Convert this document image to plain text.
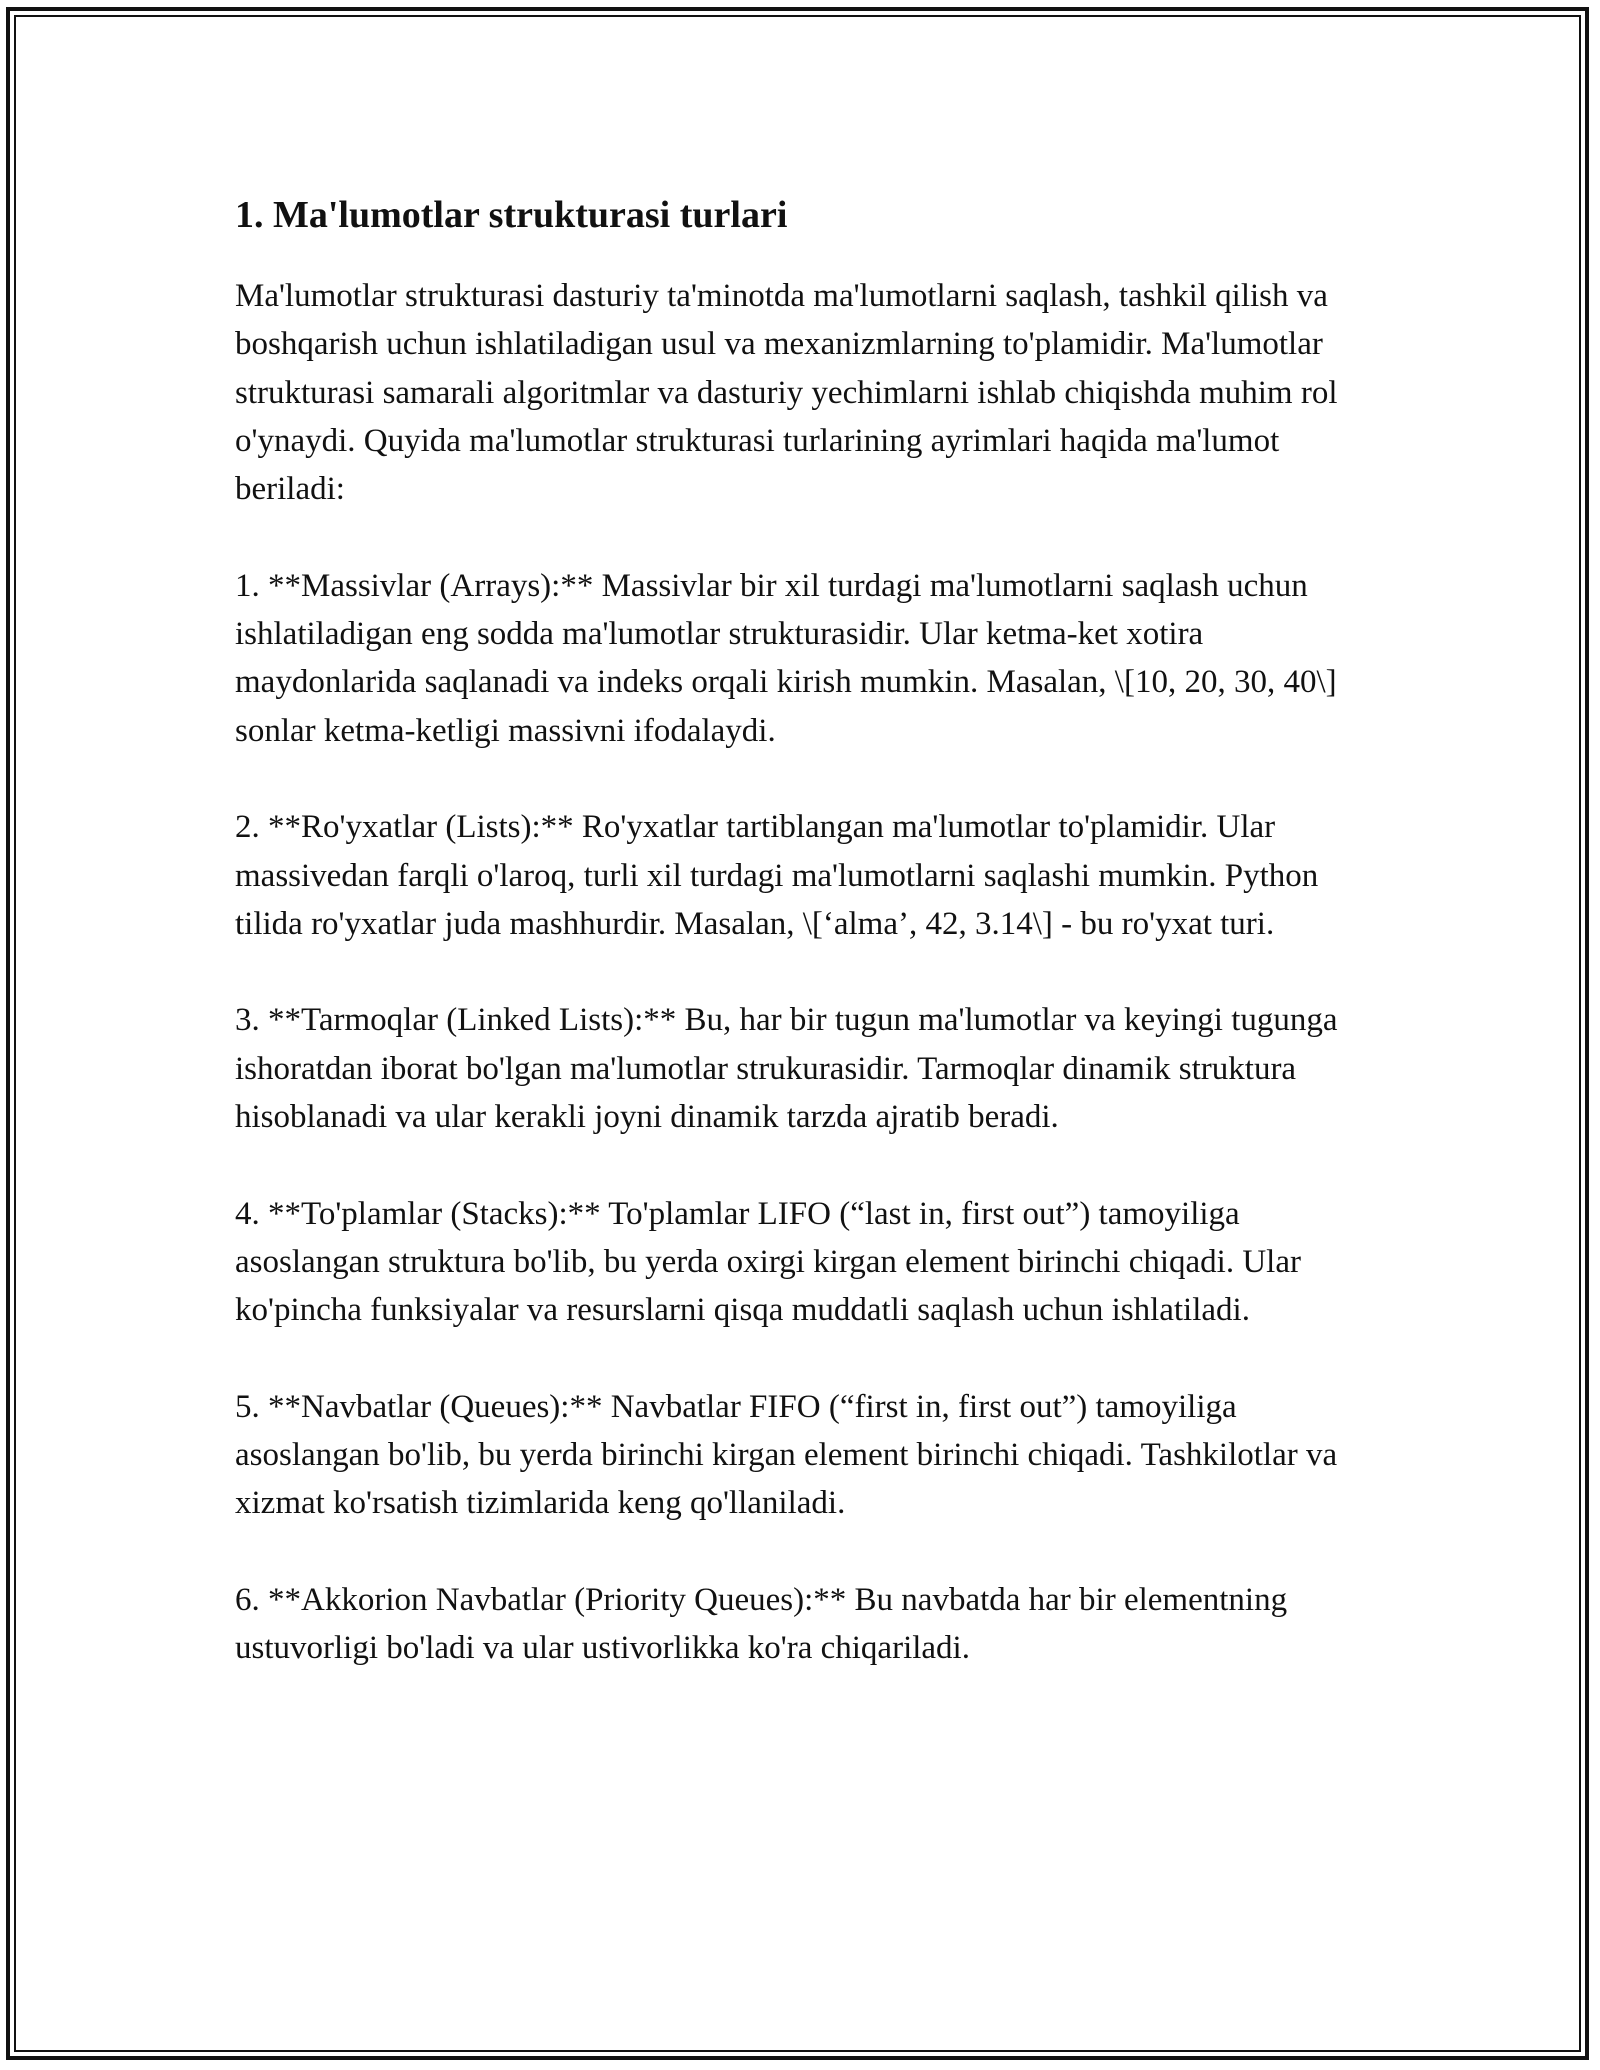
1. Ma'lumotlar strukturasi turlari

Ma'lumotlar strukturasi dasturiy ta'minotda ma'lumotlarni saqlash, tashkil qilish va boshqarish uchun ishlatiladigan usul va mexanizmlarning to'plamidir. Ma'lumotlar strukturasi samarali algoritmlar va dasturiy yechimlarni ishlab chiqishda muhim rol o'ynaydi. Quyida ma'lumotlar strukturasi turlarining ayrimlari haqida ma'lumot beriladi:

1. **Massivlar (Arrays):** Massivlar bir xil turdagi ma'lumotlarni saqlash uchun ishlatiladigan eng sodda ma'lumotlar strukturasidir. Ular ketma-ket xotira maydonlarida saqlanadi va indeks orqali kirish mumkin. Masalan, \[10, 20, 30, 40\] sonlar ketma-ketligi massivni ifodalaydi.

2. **Ro'yxatlar (Lists):** Ro'yxatlar tartiblangan ma'lumotlar to'plamidir. Ular massivedan farqli o'laroq, turli xil turdagi ma'lumotlarni saqlashi mumkin. Python tilida ro'yxatlar juda mashhurdir. Masalan, \[‘alma’, 42, 3.14\] - bu ro'yxat turi.

3. **Tarmoqlar (Linked Lists):** Bu, har bir tugun ma'lumotlar va keyingi tugunga ishoratdan iborat bo'lgan ma'lumotlar strukurasidir. Tarmoqlar dinamik struktura hisoblanadi va ular kerakli joyni dinamik tarzda ajratib beradi.

4. **To'plamlar (Stacks):** To'plamlar LIFO (“last in, first out”) tamoyiliga asoslangan struktura bo'lib, bu yerda oxirgi kirgan element birinchi chiqadi. Ular ko'pincha funksiyalar va resurslarni qisqa muddatli saqlash uchun ishlatiladi.

5. **Navbatlar (Queues):** Navbatlar FIFO (“first in, first out”) tamoyiliga asoslangan bo'lib, bu yerda birinchi kirgan element birinchi chiqadi. Tashkilotlar va xizmat ko'rsatish tizimlarida keng qo'llaniladi.

6. **Akkorion Navbatlar (Priority Queues):** Bu navbatda har bir elementning ustuvorligi bo'ladi va ular ustivorlikka ko'ra chiqariladi.
